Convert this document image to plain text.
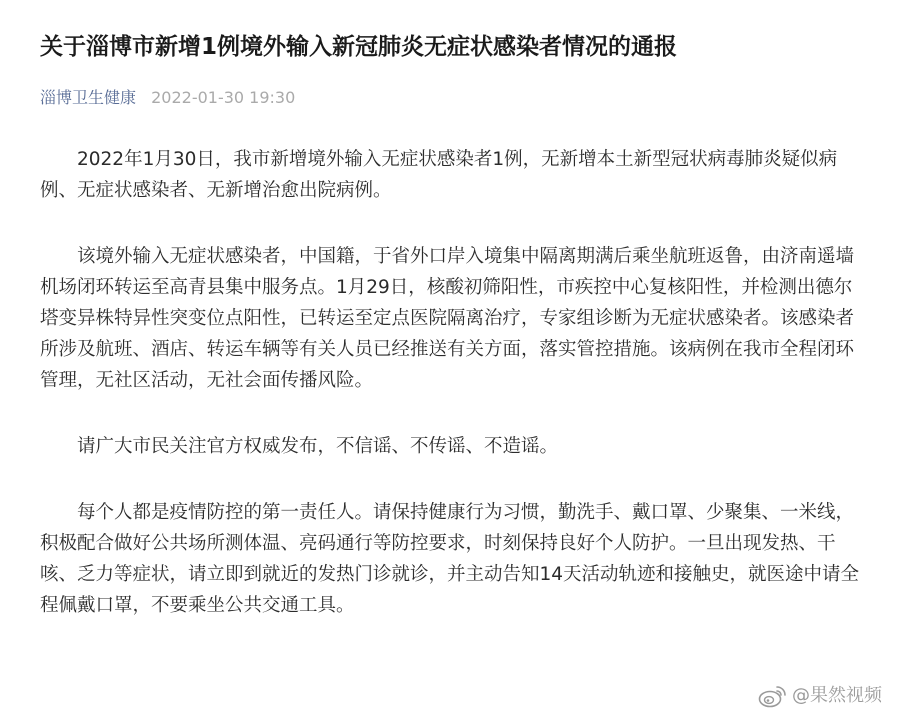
关于淄博市新增1例境外输入新冠肺炎无症状感染者情况的通报
淄博卫生健康 2022-01-30 19:30

2022年1月30日，我市新增境外输入无症状感染者1例，无新增本土新型冠状病毒肺炎疑似病例、无症状感染者、无新增治愈出院病例。

该境外输入无症状感染者，中国籍，于省外口岸入境集中隔离期满后乘坐航班返鲁，由济南遥墙机场闭环转运至高青县集中服务点。1月29日，核酸初筛阳性，市疾控中心复核阳性，并检测出德尔塔变异株特异性突变位点阳性，已转运至定点医院隔离治疗，专家组诊断为无症状感染者。该感染者所涉及航班、酒店、转运车辆等有关人员已经推送有关方面，落实管控措施。该病例在我市全程闭环管理，无社区活动，无社会面传播风险。

请广大市民关注官方权威发布，不信谣、不传谣、不造谣。

每个人都是疫情防控的第一责任人。请保持健康行为习惯，勤洗手、戴口罩、少聚集、一米线，积极配合做好公共场所测体温、亮码通行等防控要求，时刻保持良好个人防护。一旦出现发热、干咳、乏力等症状，请立即到就近的发热门诊就诊，并主动告知14天活动轨迹和接触史，就医途中请全程佩戴口罩，不要乘坐公共交通工具。

@果然视频
